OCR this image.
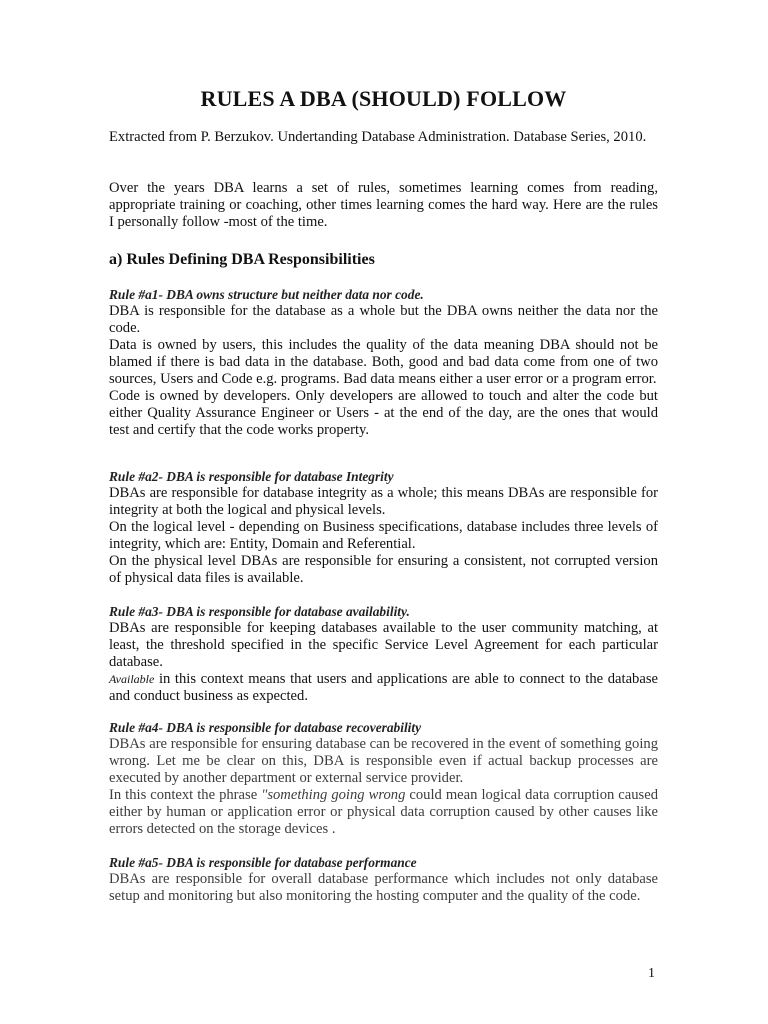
RULES A DBA (SHOULD) FOLLOW

Extracted from P. Berzukov. Undertanding Database Administration. Database Series, 2010.

Over the years DBA learns a set of rules, sometimes learning comes from reading, appropriate training or coaching, other times learning comes the hard way. Here are the rules I personally follow -most of the time.

a) Rules Defining DBA Responsibilities

Rule #a1- DBA owns structure but neither data nor code.

DBA is responsible for the database as a whole but the DBA owns neither the data nor the code.

Data is owned by users, this includes the quality of the data meaning DBA should not be blamed if there is bad data in the database. Both, good and bad data come from one of two sources, Users and Code e.g. programs. Bad data means either a user error or a program error.

Code is owned by developers. Only developers are allowed to touch and alter the code but either Quality Assurance Engineer or Users - at the end of the day, are the ones that would test and certify that the code works property.

Rule #a2- DBA is responsible for database Integrity

DBAs are responsible for database integrity as a whole; this means DBAs are responsible for integrity at both the logical and physical levels.

On the logical level - depending on Business specifications, database includes three levels of integrity, which are: Entity, Domain and Referential.

On the physical level DBAs are responsible for ensuring a consistent, not corrupted version of physical data files is available.

Rule #a3- DBA is responsible for database availability.

DBAs are responsible for keeping databases available to the user community matching, at least, the threshold specified in the specific Service Level Agreement for each particular database.

Available in this context means that users and applications are able to connect to the database and conduct business as expected.

Rule #a4- DBA is responsible for database recoverability

DBAs are responsible for ensuring database can be recovered in the event of something going wrong. Let me be clear on this, DBA is responsible even if actual backup processes are executed by another department or external service provider.

In this context the phrase "something going wrong could mean logical data corruption caused either by human or application error or physical data corruption caused by other causes like errors detected on the storage devices .

Rule #a5- DBA is responsible for database performance

DBAs are responsible for overall database performance which includes not only database setup and monitoring but also monitoring the hosting computer and the quality of the code.

1
